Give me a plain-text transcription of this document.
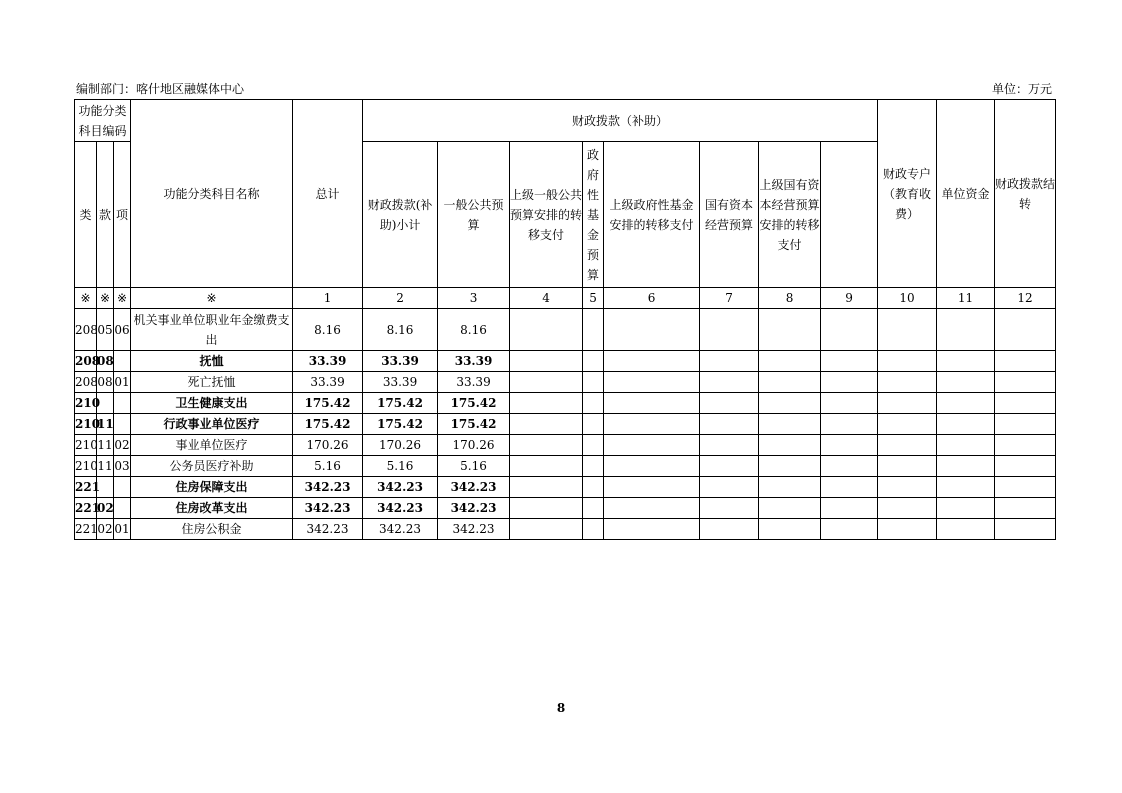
编制部门：喀什地区融媒体中心	单位：万元
功能分类科目编码			功能分类科目名称	总计	财政拨款（补助）								财政专户（教育收费）	单位资金	财政拨款结转	
类	款	项			财政拨款(补助)小计	一般公共预算	上级一般公共预算安排的转移支付	政府性基金预算	上级政府性基金安排的转移支付	国有资本经营预算	上级国有资本经营预算安排的转移支付					
※	※	※	※	1	2	3	4	5	6	7	8	9	10	11	12	
208	05	06	机关事业单位职业年金缴费支出	8.16	8.16	8.16										
208	08		抚恤	33.39	33.39	33.39										
208	08	01	死亡抚恤	33.39	33.39	33.39										
210			卫生健康支出	175.42	175.42	175.42										
210	11		行政事业单位医疗	175.42	175.42	175.42										
210	11	02	事业单位医疗	170.26	170.26	170.26										
210	11	03	公务员医疗补助	5.16	5.16	5.16										
221			住房保障支出	342.23	342.23	342.23										
221	02		住房改革支出	342.23	342.23	342.23										
221	02	01	住房公积金	342.23	342.23	342.23										
8
